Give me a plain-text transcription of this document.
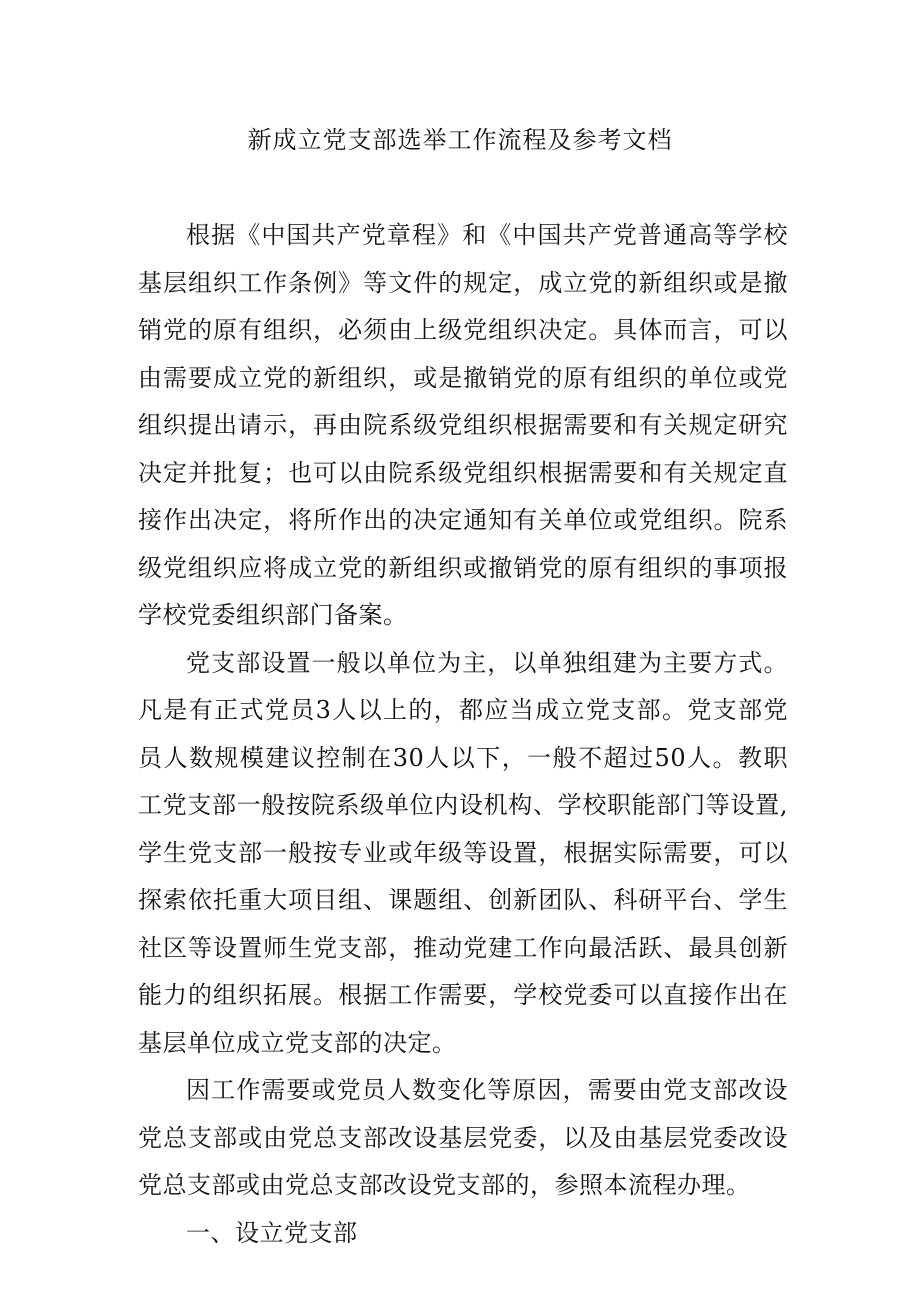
新成立党支部选举工作流程及参考文档

根据《中国共产党章程》和《中国共产党普通高等学校基层组织工作条例》等文件的规定，成立党的新组织或是撤销党的原有组织，必须由上级党组织决定。具体而言，可以由需要成立党的新组织，或是撤销党的原有组织的单位或党组织提出请示，再由院系级党组织根据需要和有关规定研究决定并批复；也可以由院系级党组织根据需要和有关规定直接作出决定，将所作出的决定通知有关单位或党组织。院系级党组织应将成立党的新组织或撤销党的原有组织的事项报学校党委组织部门备案。

党支部设置一般以单位为主，以单独组建为主要方式。凡是有正式党员3人以上的，都应当成立党支部。党支部党员人数规模建议控制在30人以下，一般不超过50人。教职工党支部一般按院系级单位内设机构、学校职能部门等设置,学生党支部一般按专业或年级等设置，根据实际需要，可以探索依托重大项目组、课题组、创新团队、科研平台、学生社区等设置师生党支部，推动党建工作向最活跃、最具创新能力的组织拓展。根据工作需要，学校党委可以直接作出在基层单位成立党支部的决定。

因工作需要或党员人数变化等原因，需要由党支部改设党总支部或由党总支部改设基层党委，以及由基层党委改设党总支部或由党总支部改设党支部的，参照本流程办理。

一、设立党支部
